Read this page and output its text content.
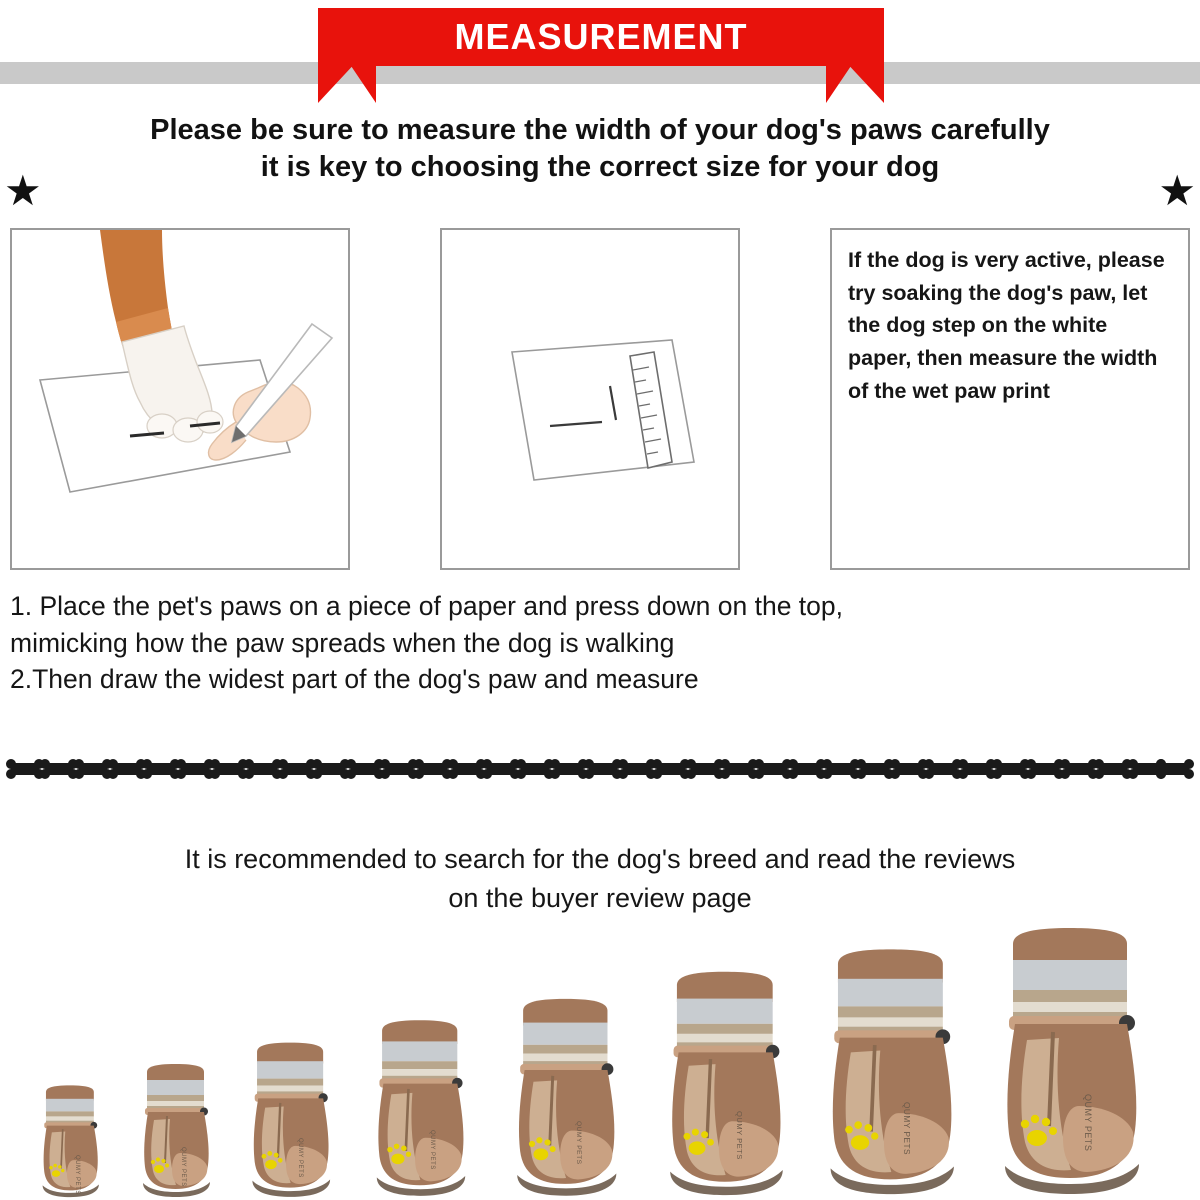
MEASUREMENT
Please be sure to measure the width of your dog's paws carefully
it is key to choosing the correct size for your dog
★	★

If the dog is very active, please try soaking the dog's paw, let the dog step on the white paper, then measure the width of the wet paw print

1. Place the pet's paws on a piece of paper and press down on the top,
mimicking how the paw spreads when the dog is walking
2.Then draw the widest part of the dog's paw and measure
It is recommended to search for the dog's breed and read the reviews
on the buyer review page
QUMY PETS	QUMY PETS	QUMY PETS	QUMY PETS	QUMY PETS	QUMY PETS	QUMY PETS	QUMY PETS
